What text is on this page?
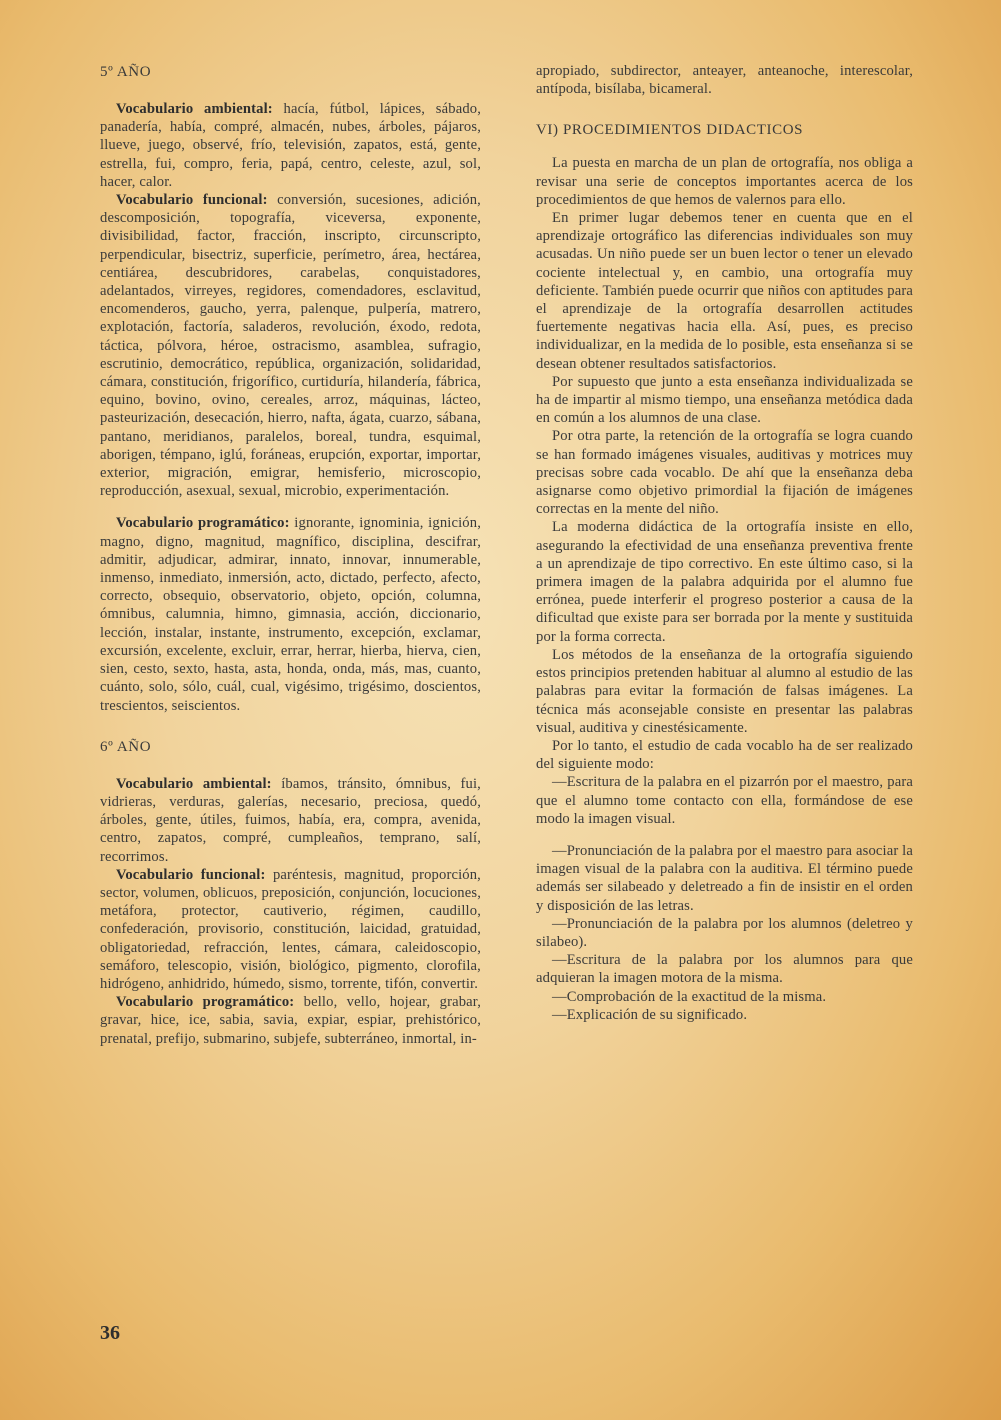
5º AÑO

Vocabulario ambiental: hacía, fútbol, lápices, sábado, panadería, había, compré, almacén, nubes, árboles, pájaros, llueve, juego, observé, frío, televisión, zapatos, está, gente, estrella, fui, compro, feria, papá, centro, celeste, azul, sol, hacer, calor.

Vocabulario funcional: conversión, sucesiones, adición, descomposición, topografía, viceversa, exponente, divisibilidad, factor, fracción, inscripto, circunscripto, perpendicular, bisectriz, superficie, perímetro, área, hectárea, centiárea, descubridores, carabelas, conquistadores, adelantados, virreyes, regidores, comendadores, esclavitud, encomenderos, gaucho, yerra, palenque, pulpería, matrero, explotación, factoría, saladeros, revolución, éxodo, redota, táctica, pólvora, héroe, ostracismo, asamblea, sufragio, escrutinio, democrático, república, organización, solidaridad, cámara, constitución, frigorífico, curtiduría, hilandería, fábrica, equino, bovino, ovino, cereales, arroz, máquinas, lácteo, pasteurización, desecación, hierro, nafta, ágata, cuarzo, sábana, pantano, meridianos, paralelos, boreal, tundra, esquimal, aborigen, témpano, iglú, foráneas, erupción, exportar, importar, exterior, migración, emigrar, hemisferio, microscopio, reproducción, asexual, sexual, microbio, experimentación.

Vocabulario programático: ignorante, ignominia, ignición, magno, digno, magnitud, magnífico, disciplina, descifrar, admitir, adjudicar, admirar, innato, innovar, innumerable, inmenso, inmediato, inmersión, acto, dictado, perfecto, afecto, correcto, obsequio, observatorio, objeto, opción, columna, ómnibus, calumnia, himno, gimnasia, acción, diccionario, lección, instalar, instante, instrumento, excepción, exclamar, excursión, excelente, excluir, errar, herrar, hierba, hierva, cien, sien, cesto, sexto, hasta, asta, honda, onda, más, mas, cuanto, cuánto, solo, sólo, cuál, cual, vigésimo, trigésimo, doscientos, trescientos, seiscientos.

6º AÑO

Vocabulario ambiental: íbamos, tránsito, ómnibus, fui, vidrieras, verduras, galerías, necesario, preciosa, quedó, árboles, gente, útiles, fuimos, había, era, compra, avenida, centro, zapatos, compré, cumpleaños, temprano, salí, recorrimos.

Vocabulario funcional: paréntesis, magnitud, proporción, sector, volumen, oblicuos, preposición, conjunción, locuciones, metáfora, protector, cautiverio, régimen, caudillo, confederación, provisorio, constitución, laicidad, gratuidad, obligatoriedad, refracción, lentes, cámara, caleidoscopio, semáforo, telescopio, visión, biológico, pigmento, clorofila, hidrógeno, anhidrido, húmedo, sismo, torrente, tifón, convertir.

Vocabulario programático: bello, vello, hojear, grabar, gravar, hice, ice, sabia, savia, expiar, espiar, prehistórico, prenatal, prefijo, submarino, subjefe, subterráneo, inmortal, in-

apropiado, subdirector, anteayer, anteanoche, interescolar, antípoda, bisílaba, bicameral.

VI) PROCEDIMIENTOS DIDACTICOS

La puesta en marcha de un plan de ortografía, nos obliga a revisar una serie de conceptos importantes acerca de los procedimientos de que hemos de valernos para ello.

En primer lugar debemos tener en cuenta que en el aprendizaje ortográfico las diferencias individuales son muy acusadas. Un niño puede ser un buen lector o tener un elevado cociente intelectual y, en cambio, una ortografía muy deficiente. También puede ocurrir que niños con aptitudes para el aprendizaje de la ortografía desarrollen actitudes fuertemente negativas hacia ella. Así, pues, es preciso individualizar, en la medida de lo posible, esta enseñanza si se desean obtener resultados satisfactorios.

Por supuesto que junto a esta enseñanza individualizada se ha de impartir al mismo tiempo, una enseñanza metódica dada en común a los alumnos de una clase.

Por otra parte, la retención de la ortografía se logra cuando se han formado imágenes visuales, auditivas y motrices muy precisas sobre cada vocablo. De ahí que la enseñanza deba asignarse como objetivo primordial la fijación de imágenes correctas en la mente del niño.

La moderna didáctica de la ortografía insiste en ello, asegurando la efectividad de una enseñanza preventiva frente a un aprendizaje de tipo correctivo. En este último caso, si la primera imagen de la palabra adquirida por el alumno fue errónea, puede interferir el progreso posterior a causa de la dificultad que existe para ser borrada por la mente y sustituida por la forma correcta.

Los métodos de la enseñanza de la ortografía siguiendo estos principios pretenden habituar al alumno al estudio de las palabras para evitar la formación de falsas imágenes. La técnica más aconsejable consiste en presentar las palabras visual, auditiva y cinestésicamente.

Por lo tanto, el estudio de cada vocablo ha de ser realizado del siguiente modo:

—Escritura de la palabra en el pizarrón por el maestro, para que el alumno tome contacto con ella, formándose de ese modo la imagen visual.

—Pronunciación de la palabra por el maestro para asociar la imagen visual de la palabra con la auditiva. El término puede además ser silabeado y deletreado a fin de insistir en el orden y disposición de las letras.

—Pronunciación de la palabra por los alumnos (deletreo y silabeo).

—Escritura de la palabra por los alumnos para que adquieran la imagen motora de la misma.

—Comprobación de la exactitud de la misma.

—Explicación de su significado.

36
